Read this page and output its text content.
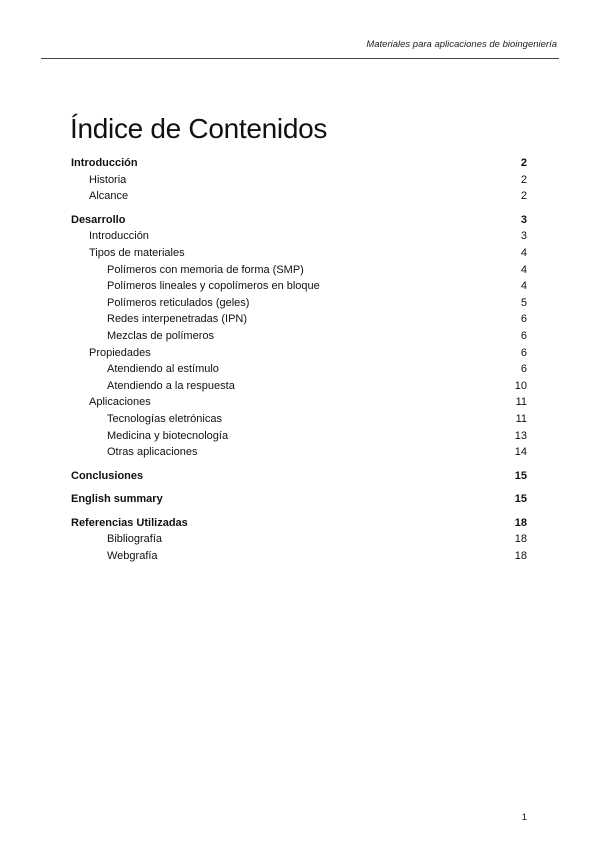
Materiales para aplicaciones de bioingeniería
Índice de Contenidos
Introducción	2
Historia	2
Alcance	2
Desarrollo	3
Introducción	3
Tipos de materiales	4
Polímeros con memoria de forma (SMP)	4
Polímeros lineales y copolímeros en bloque	4
Polímeros reticulados (geles)	5
Redes interpenetradas (IPN)	6
Mezclas de polímeros	6
Propiedades	6
Atendiendo al estímulo	6
Atendiendo a la respuesta	10
Aplicaciones	11
Tecnologías eletrónicas	11
Medicina y biotecnología	13
Otras aplicaciones	14
Conclusiones	15
English summary	15
Referencias Utilizadas	18
Bibliografía	18
Webgrafía	18
1
